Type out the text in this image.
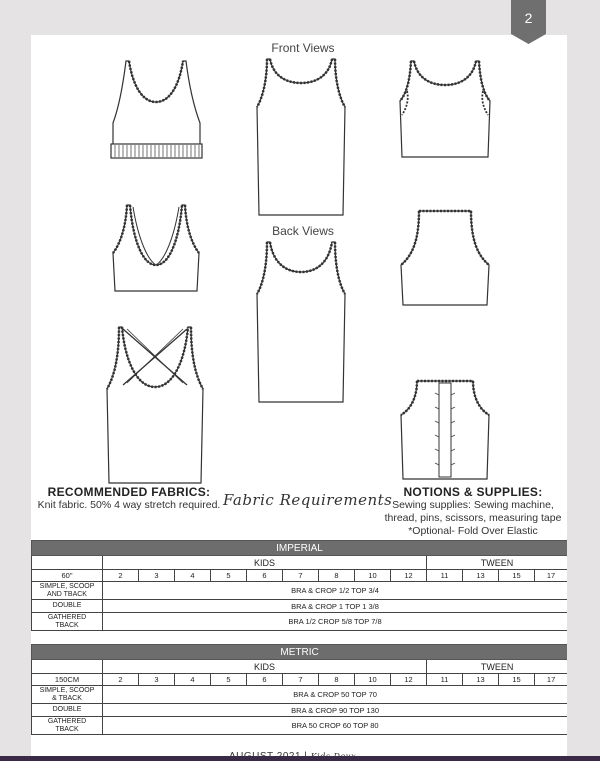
Front Views
Back Views
RECOMMENDED FABRICS:
Knit fabric. 50% 4 way stretch required. Fabric Requirements NOTIONS & SUPPLIES:
Sewing supplies: Sewing machine,
thread, pins, scissors, measuring tape
*Optional- Fold Over Elastic
IMPERIAL													
	KIDS									TWEEN			
60"	2	3	4	5	6	7	8	10	12	11	13	15	17
SIMPLE, SCOOP
AND TBACK	BRA & CROP 1/2 TOP 3/4												
DOUBLE	BRA & CROP 1 TOP 1 3/8												
GATHERED
TBACK	BRA 1/2 CROP 5/8 TOP 7/8												
METRIC													
	KIDS									TWEEN			
150CM	2	3	4	5	6	7	8	10	12	11	13	15	17
SIMPLE, SCOOP
& TBACK	BRA & CROP 50 TOP 70												
DOUBLE	BRA & CROP 90 TOP 130												
GATHERED
TBACK	BRA 50 CROP 60 TOP 80												
2
